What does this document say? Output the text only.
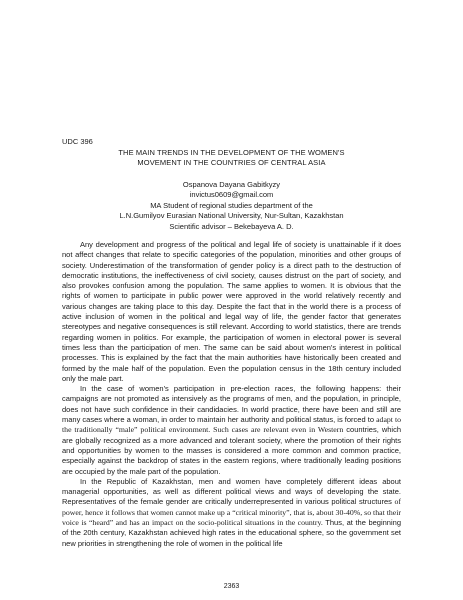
UDC 396
THE MAIN TRENDS IN THE DEVELOPMENT OF THE WOMEN'S
MOVEMENT IN THE COUNTRIES OF CENTRAL ASIA
Ospanova Dayana Gabitkyzy
invictus0609@gmail.com
MA Student of regional studies department of the
L.N.Gumilyov Eurasian National University, Nur-Sultan, Kazakhstan
Scientific advisor – Bekebayeva A. D.

Any development and progress of the political and legal life of society is unattainable if it does not affect changes that relate to specific categories of the population, minorities and other groups of society. Underestimation of the transformation of gender policy is a direct path to the destruction of democratic institutions, the ineffectiveness of civil society, causes distrust on the part of society, and also provokes confusion among the population. The same applies to women. It is obvious that the rights of women to participate in public power were approved in the world relatively recently and various changes are taking place to this day. Despite the fact that in the world there is a process of active inclusion of women in the political and legal way of life, the gender factor that generates stereotypes and negative consequences is still relevant. According to world statistics, there are trends regarding women in politics. For example, the participation of women in electoral power is several times less than the participation of men. The same can be said about women's interest in political processes. This is explained by the fact that the main authorities have historically been created and formed by the male half of the population. Even the population census in the 18th century included only the male part.

In the case of women's participation in pre-election races, the following happens: their campaigns are not promoted as intensively as the programs of men, and the population, in principle, does not have such confidence in their candidacies. In world practice, there have been and still are many cases where a woman, in order to maintain her authority and political status, is forced to adapt to the traditionally “male” political environment. Such cases are relevant even in Western countries, which are globally recognized as a more advanced and tolerant society, where the promotion of their rights and opportunities by women to the masses is considered a more common and common practice, especially against the backdrop of states in the eastern regions, where traditionally leading positions are occupied by the male part of the population.

In the Republic of Kazakhstan, men and women have completely different ideas about managerial opportunities, as well as different political views and ways of developing the state. Representatives of the female gender are critically underrepresented in various political structures of power, hence it follows that women cannot make up a “critical minority”, that is, about 30-40%, so that their voice is “heard” and has an impact on the socio-political situations in the country. Thus, at the beginning of the 20th century, Kazakhstan achieved high rates in the educational sphere, so the government set new priorities in strengthening the role of women in the political life

2363
